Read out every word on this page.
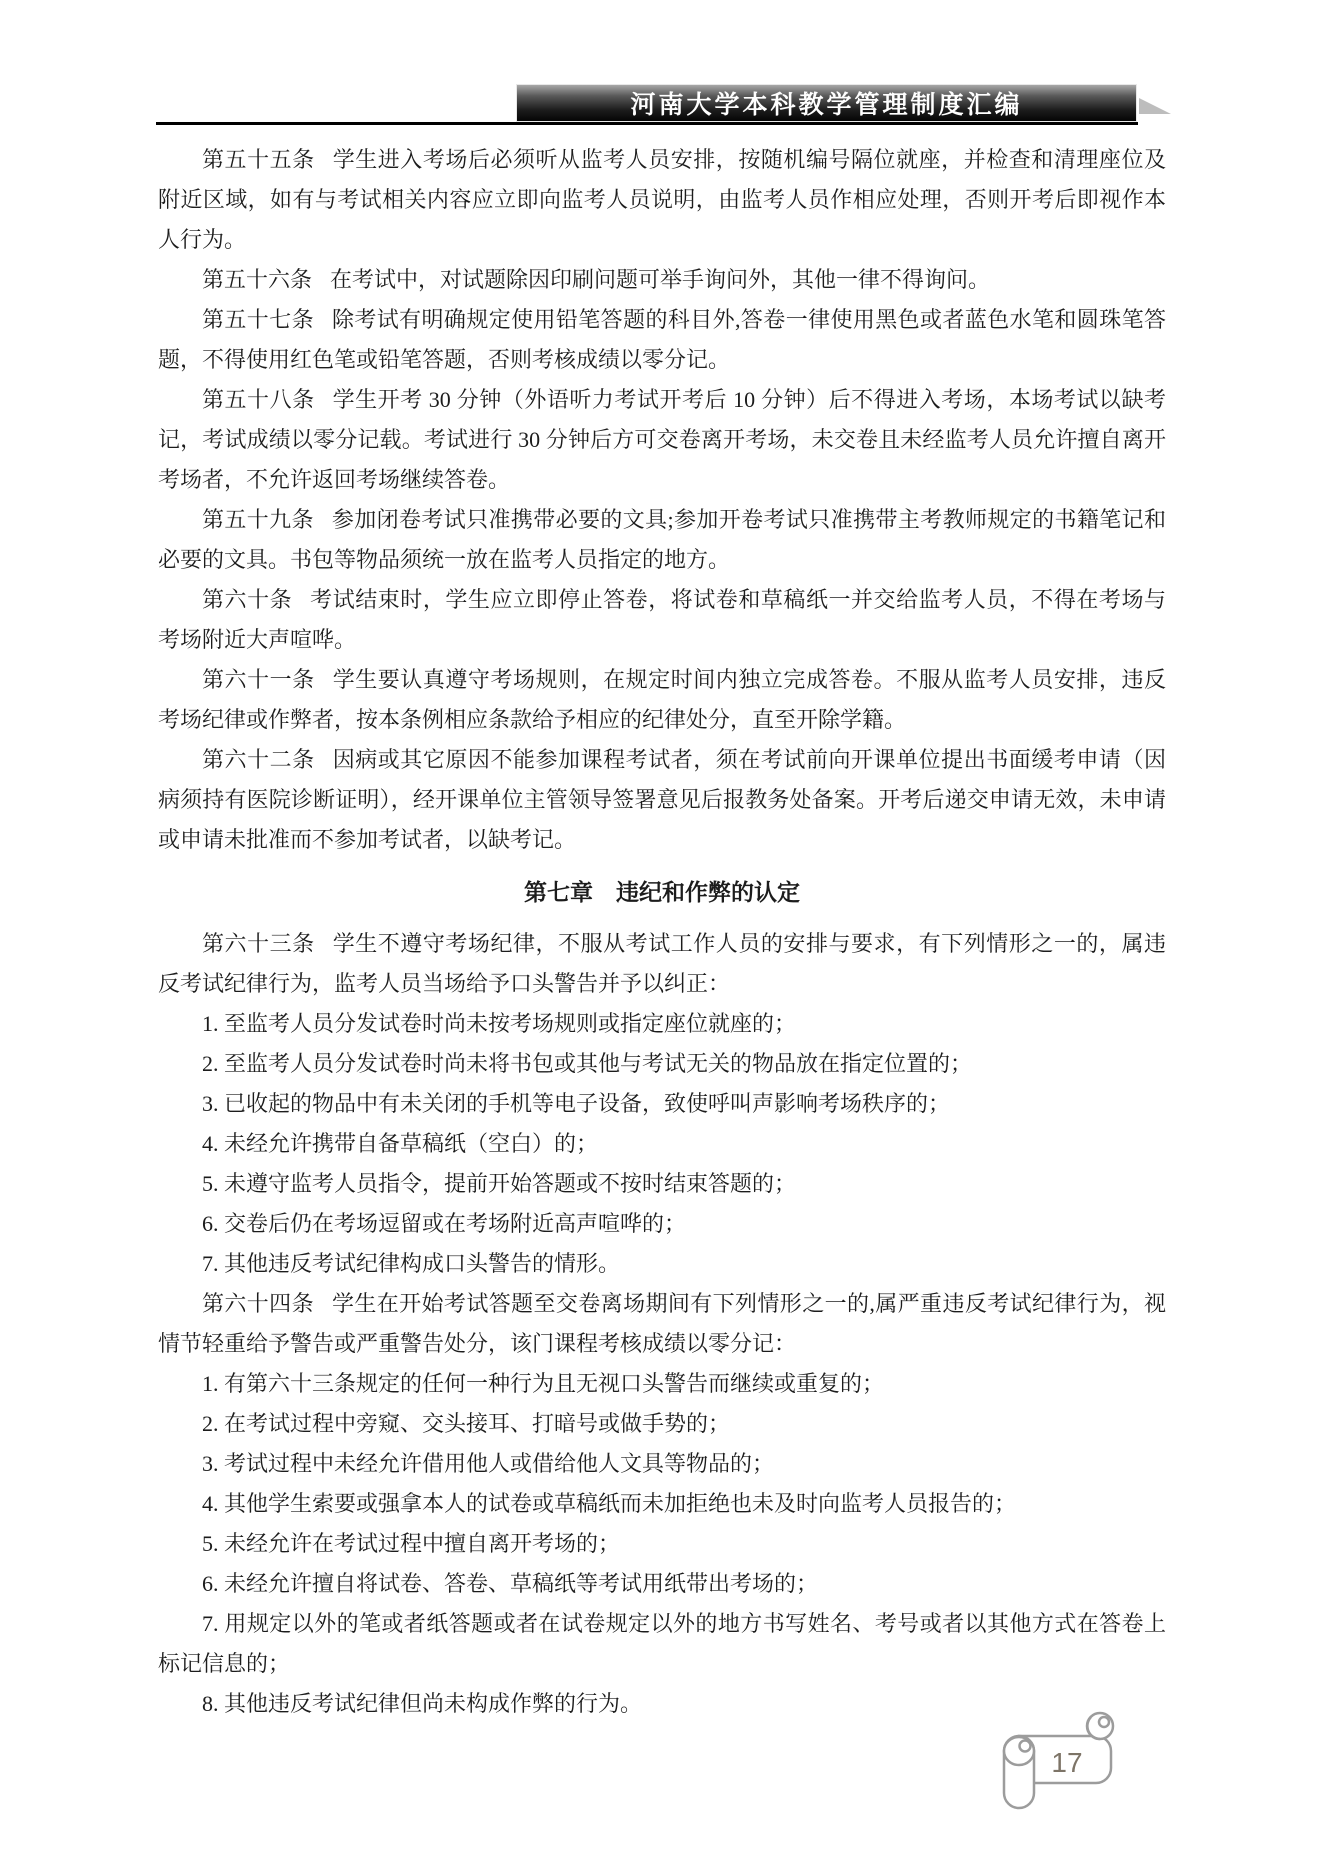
河南大学本科教学管理制度汇编

第五十五条 学生进入考场后必须听从监考人员安排，按随机编号隔位就座，并检查和清理座位及附近区域，如有与考试相关内容应立即向监考人员说明，由监考人员作相应处理，否则开考后即视作本人行为。

第五十六条 在考试中，对试题除因印刷问题可举手询问外，其他一律不得询问。

第五十七条 除考试有明确规定使用铅笔答题的科目外,答卷一律使用黑色或者蓝色水笔和圆珠笔答题，不得使用红色笔或铅笔答题，否则考核成绩以零分记。

第五十八条 学生开考 30 分钟（外语听力考试开考后 10 分钟）后不得进入考场，本场考试以缺考记，考试成绩以零分记载。考试进行 30 分钟后方可交卷离开考场，未交卷且未经监考人员允许擅自离开考场者，不允许返回考场继续答卷。

第五十九条 参加闭卷考试只准携带必要的文具;参加开卷考试只准携带主考教师规定的书籍笔记和必要的文具。书包等物品须统一放在监考人员指定的地方。

第六十条 考试结束时，学生应立即停止答卷，将试卷和草稿纸一并交给监考人员，不得在考场与考场附近大声喧哗。

第六十一条 学生要认真遵守考场规则，在规定时间内独立完成答卷。不服从监考人员安排，违反考场纪律或作弊者，按本条例相应条款给予相应的纪律处分，直至开除学籍。

第六十二条 因病或其它原因不能参加课程考试者，须在考试前向开课单位提出书面缓考申请（因病须持有医院诊断证明），经开课单位主管领导签署意见后报教务处备案。开考后递交申请无效，未申请或申请未批准而不参加考试者，以缺考记。

第七章　违纪和作弊的认定

第六十三条 学生不遵守考场纪律，不服从考试工作人员的安排与要求，有下列情形之一的，属违反考试纪律行为，监考人员当场给予口头警告并予以纠正：

1. 至监考人员分发试卷时尚未按考场规则或指定座位就座的；

2. 至监考人员分发试卷时尚未将书包或其他与考试无关的物品放在指定位置的；

3. 已收起的物品中有未关闭的手机等电子设备，致使呼叫声影响考场秩序的；

4. 未经允许携带自备草稿纸（空白）的；

5. 未遵守监考人员指令，提前开始答题或不按时结束答题的；

6. 交卷后仍在考场逗留或在考场附近高声喧哗的；

7. 其他违反考试纪律构成口头警告的情形。

第六十四条 学生在开始考试答题至交卷离场期间有下列情形之一的,属严重违反考试纪律行为，视情节轻重给予警告或严重警告处分，该门课程考核成绩以零分记：

1. 有第六十三条规定的任何一种行为且无视口头警告而继续或重复的；

2. 在考试过程中旁窥、交头接耳、打暗号或做手势的；

3. 考试过程中未经允许借用他人或借给他人文具等物品的；

4. 其他学生索要或强拿本人的试卷或草稿纸而未加拒绝也未及时向监考人员报告的；

5. 未经允许在考试过程中擅自离开考场的；

6. 未经允许擅自将试卷、答卷、草稿纸等考试用纸带出考场的；

7. 用规定以外的笔或者纸答题或者在试卷规定以外的地方书写姓名、考号或者以其他方式在答卷上标记信息的；

8. 其他违反考试纪律但尚未构成作弊的行为。

17
